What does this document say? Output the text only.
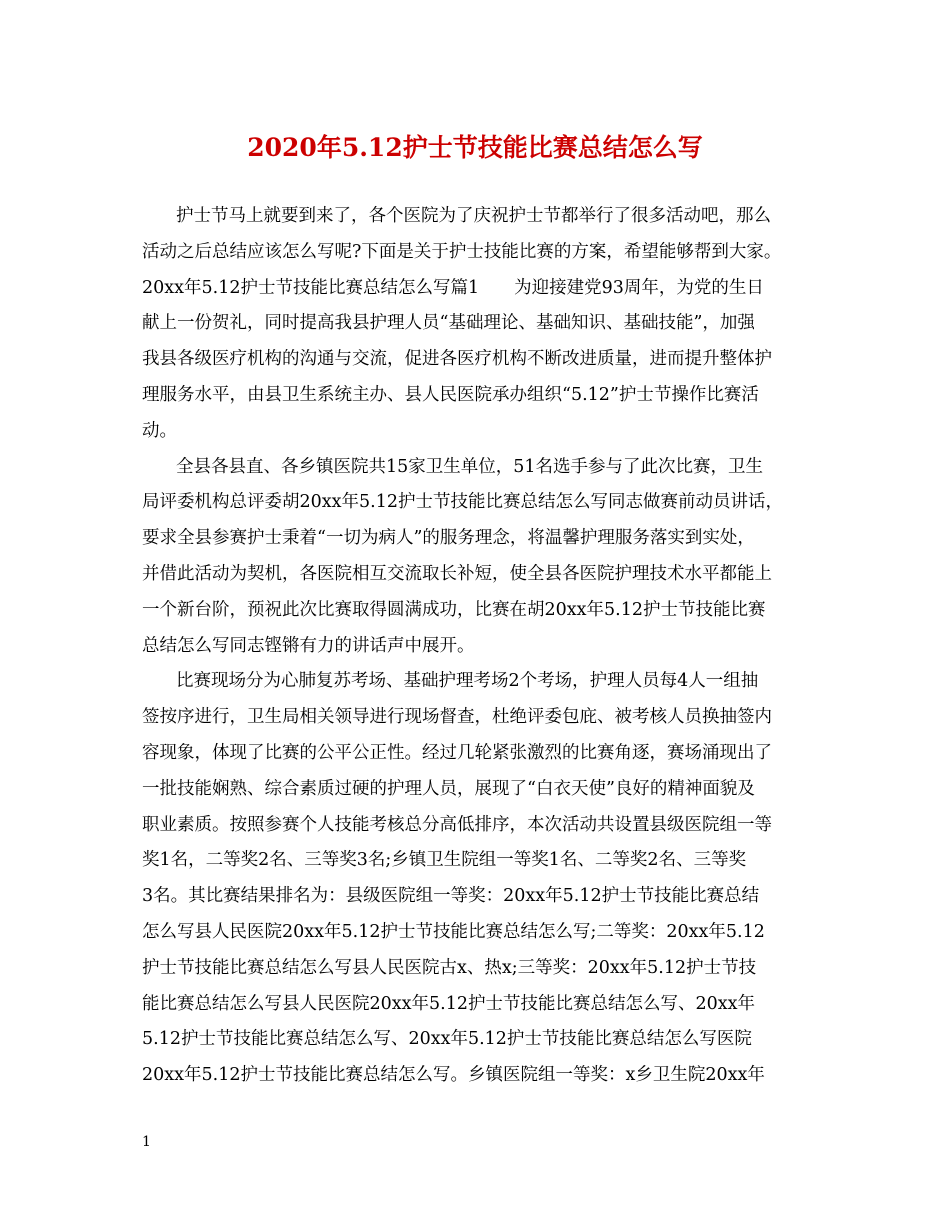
2020年5.12护士节技能比赛总结怎么写
护士节马上就要到来了，各个医院为了庆祝护士节都举行了很多活动吧，那么
活动之后总结应该怎么写呢?下面是关于护士技能比赛的方案，希望能够帮到大家。
20xx年5.12护士节技能比赛总结怎么写篇1　　为迎接建党93周年，为党的生日
献上一份贺礼，同时提高我县护理人员“基础理论、基础知识、基础技能”，加强
我县各级医疗机构的沟通与交流，促进各医疗机构不断改进质量，进而提升整体护
理服务水平，由县卫生系统主办、县人民医院承办组织“5.12”护士节操作比赛活
动。
全县各县直、各乡镇医院共15家卫生单位，51名选手参与了此次比赛，卫生
局评委机构总评委胡20xx年5.12护士节技能比赛总结怎么写同志做赛前动员讲话，
要求全县参赛护士秉着“一切为病人”的服务理念，将温馨护理服务落实到实处，
并借此活动为契机，各医院相互交流取长补短，使全县各医院护理技术水平都能上
一个新台阶，预祝此次比赛取得圆满成功，比赛在胡20xx年5.12护士节技能比赛
总结怎么写同志铿锵有力的讲话声中展开。
比赛现场分为心肺复苏考场、基础护理考场2个考场，护理人员每4人一组抽
签按序进行，卫生局相关领导进行现场督查，杜绝评委包庇、被考核人员换抽签内
容现象，体现了比赛的公平公正性。经过几轮紧张激烈的比赛角逐，赛场涌现出了
一批技能娴熟、综合素质过硬的护理人员，展现了“白衣天使”良好的精神面貌及
职业素质。按照参赛个人技能考核总分高低排序，本次活动共设置县级医院组一等
奖1名，二等奖2名、三等奖3名;乡镇卫生院组一等奖1名、二等奖2名、三等奖
3名。其比赛结果排名为：县级医院组一等奖：20xx年5.12护士节技能比赛总结
怎么写县人民医院20xx年5.12护士节技能比赛总结怎么写;二等奖：20xx年5.12
护士节技能比赛总结怎么写县人民医院古x、热x;三等奖：20xx年5.12护士节技
能比赛总结怎么写县人民医院20xx年5.12护士节技能比赛总结怎么写、20xx年
5.12护士节技能比赛总结怎么写、20xx年5.12护士节技能比赛总结怎么写医院
20xx年5.12护士节技能比赛总结怎么写。乡镇医院组一等奖：x乡卫生院20xx年
1
